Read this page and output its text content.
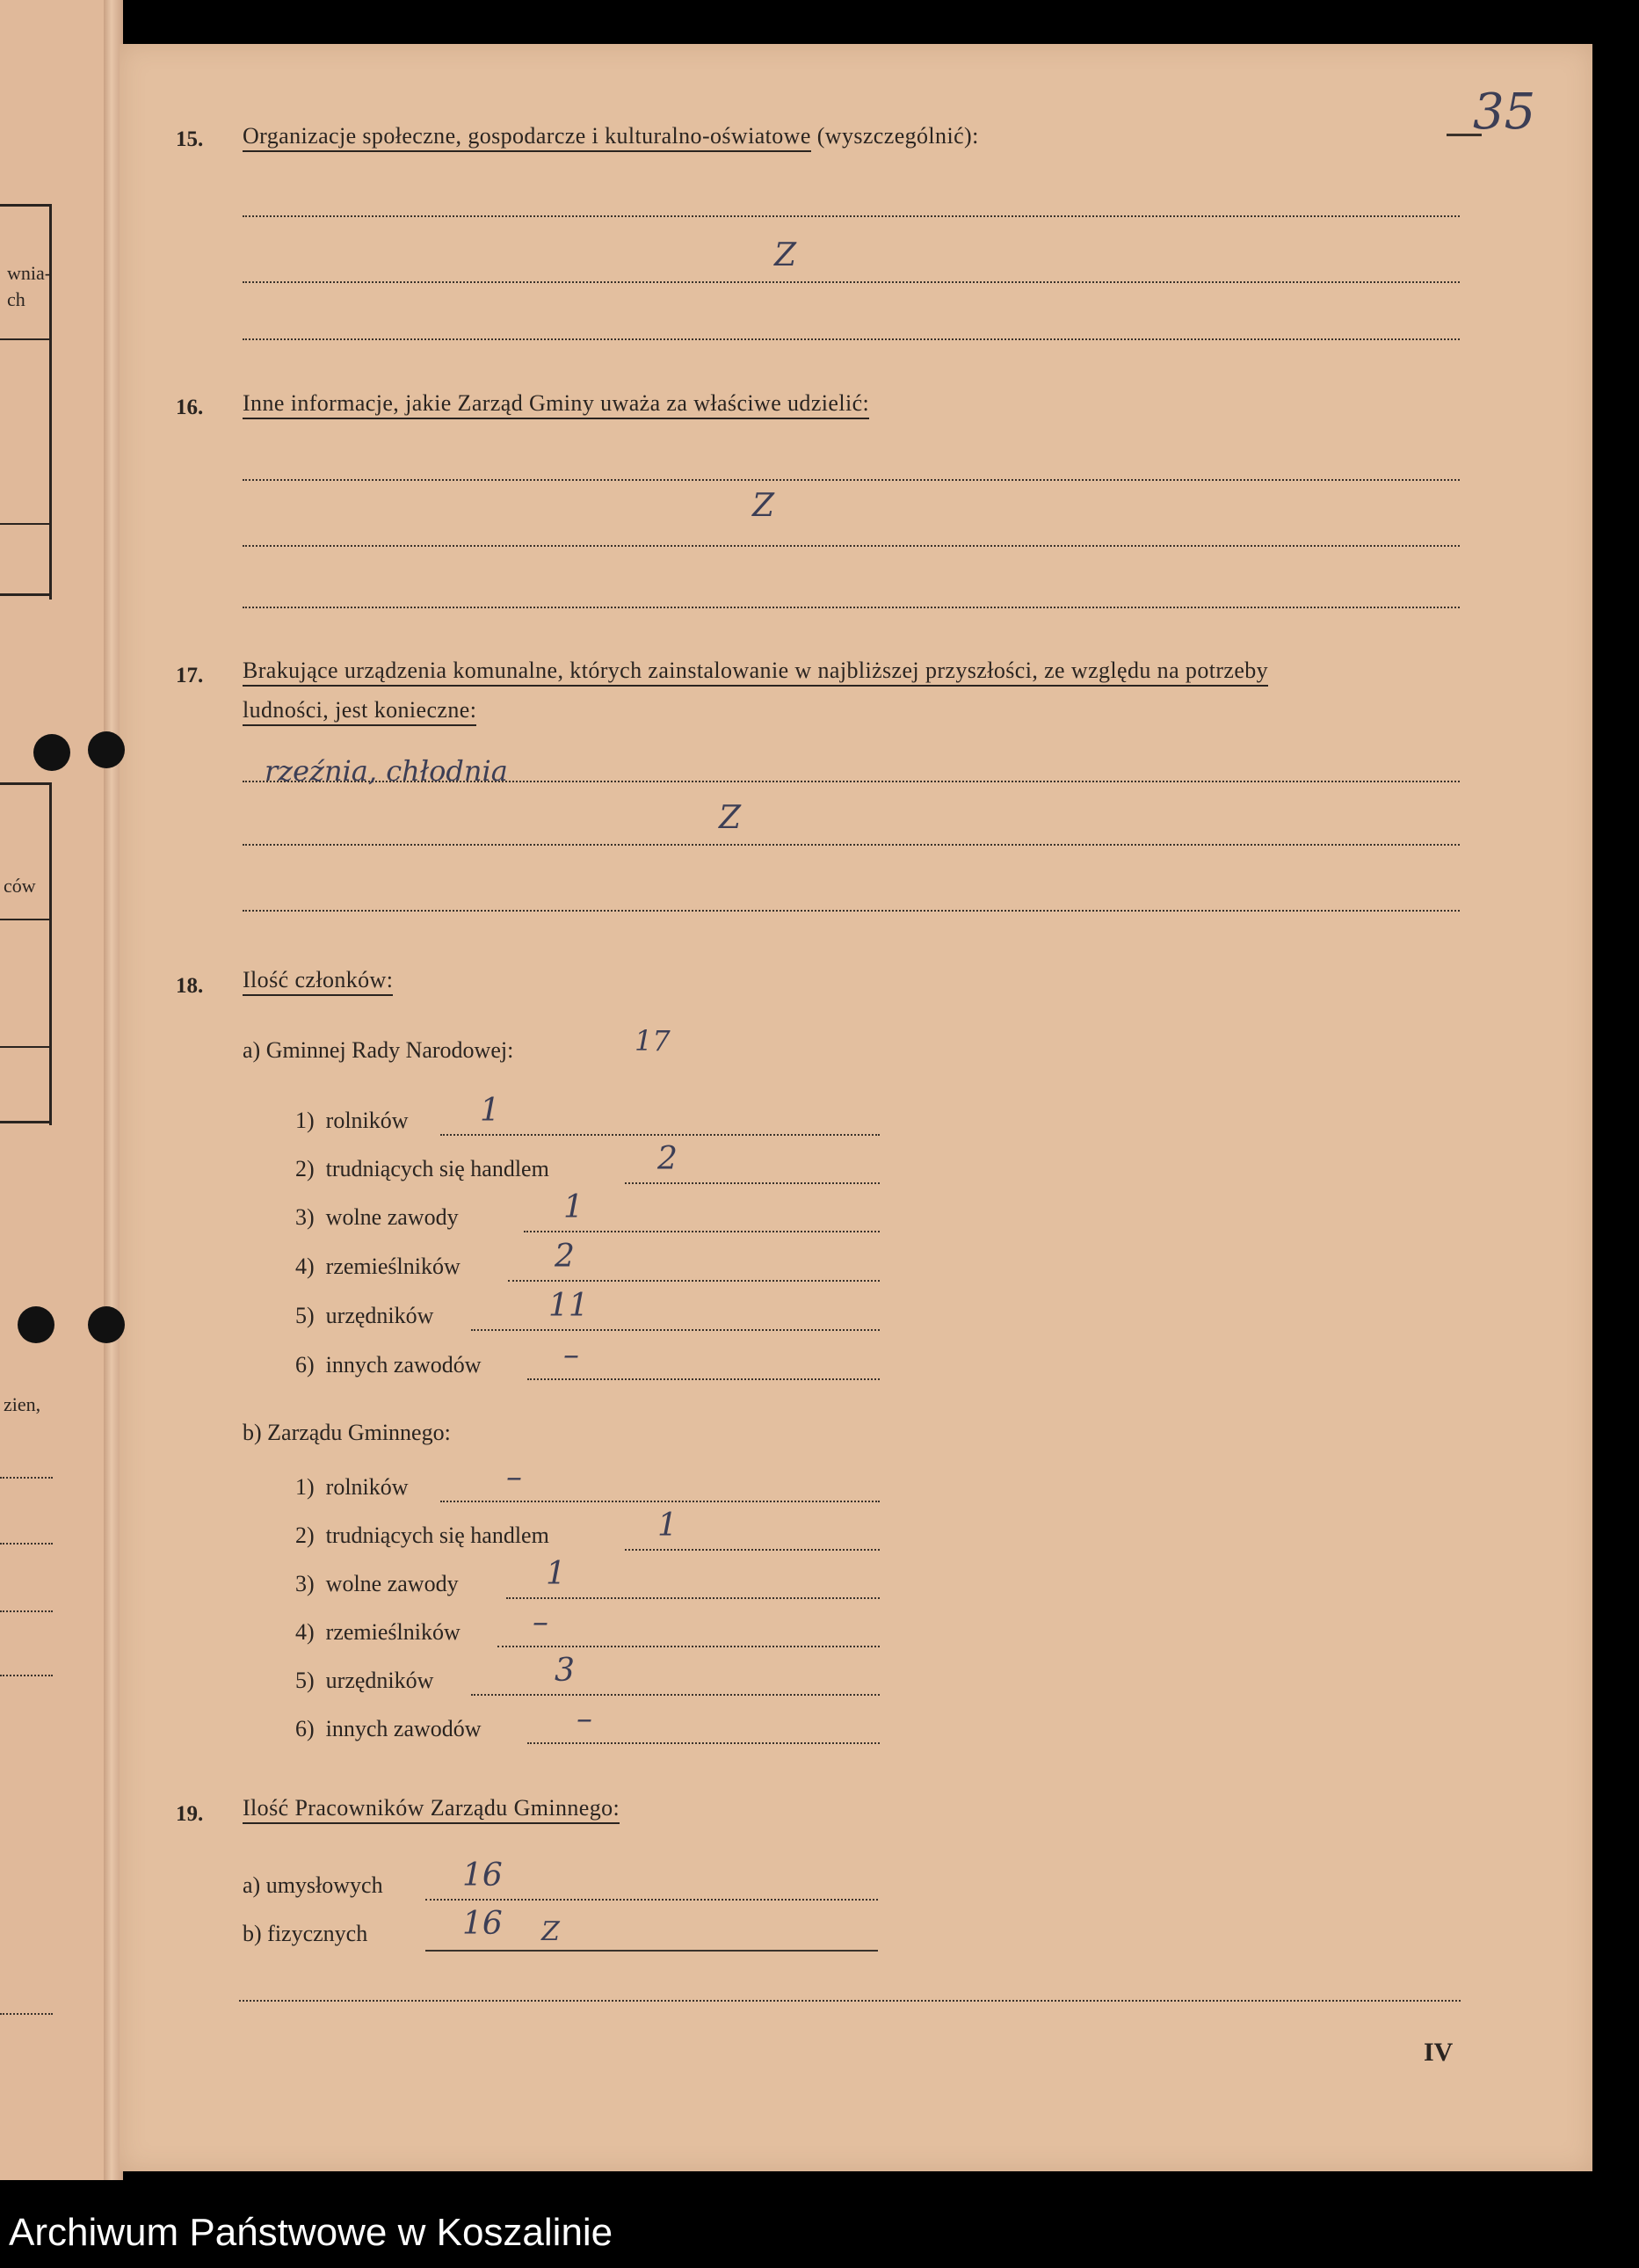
wnia-
ch
ców
zien,
35
15. Organizacje społeczne, gospodarcze i kulturalno-oświatowe (wyszczególnić):
Z
16. Inne informacje, jakie Zarząd Gminy uważa za właściwe udzielić:
Z
17. Brakujące urządzenia komunalne, których zainstalowanie w najbliższej przyszłości, ze względu na potrzeby
ludności, jest konieczne:
rzeźnia, chłodnia
Z
18. Ilość członków:
a) Gminnej Rady Narodowej:	17
1) rolników 1
2) trudniących się handlem	2
3) wolne zawody	1
4) rzemieślników	2
5) urzędników	11
6) innych zawodów	–
b) Zarządu Gminnego:
1) rolników	–
2) trudniących się handlem	1
3) wolne zawody	1
4) rzemieślników –
5) urzędników	3
6) innych zawodów	–
19. Ilość Pracowników Zarządu Gminnego:
a) umysłowych	16
b) fizycznych	16 Z
IV
Archiwum Państwowe w Koszalinie
